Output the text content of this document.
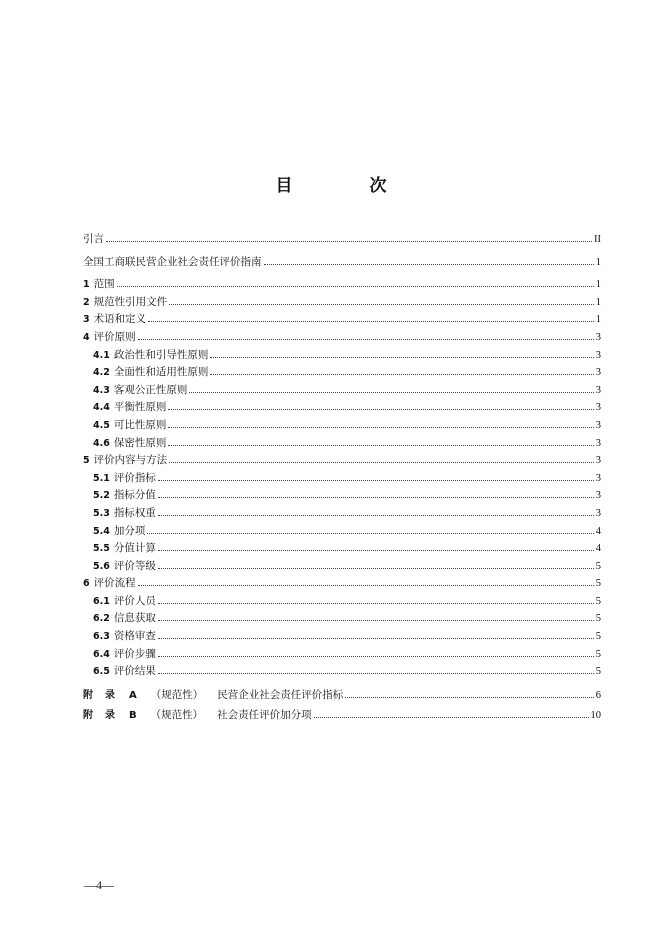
目　次
引言	II
全国工商联民营企业社会责任评价指南	1
1 范围	1
2 规范性引用文件	1
3 术语和定义	1
4 评价原则	3
4.1 政治性和引导性原则	3
4.2 全面性和适用性原则	3
4.3 客观公正性原则	3
4.4 平衡性原则	3
4.5 可比性原则	3
4.6 保密性原则	3
5 评价内容与方法	3
5.1 评价指标	3
5.2 指标分值	3
5.3 指标权重	3
5.4 加分项	4
5.5 分值计算	4
5.6 评价等级	5
6 评价流程	5
6.1 评价人员	5
6.2 信息获取	5
6.3 资格审查	5
6.4 评价步骤	5
6.5 评价结果	5
附录 A （规范性） 民营企业社会责任评价指标	6
附录 B （规范性） 社会责任评价加分项	10
—4—
